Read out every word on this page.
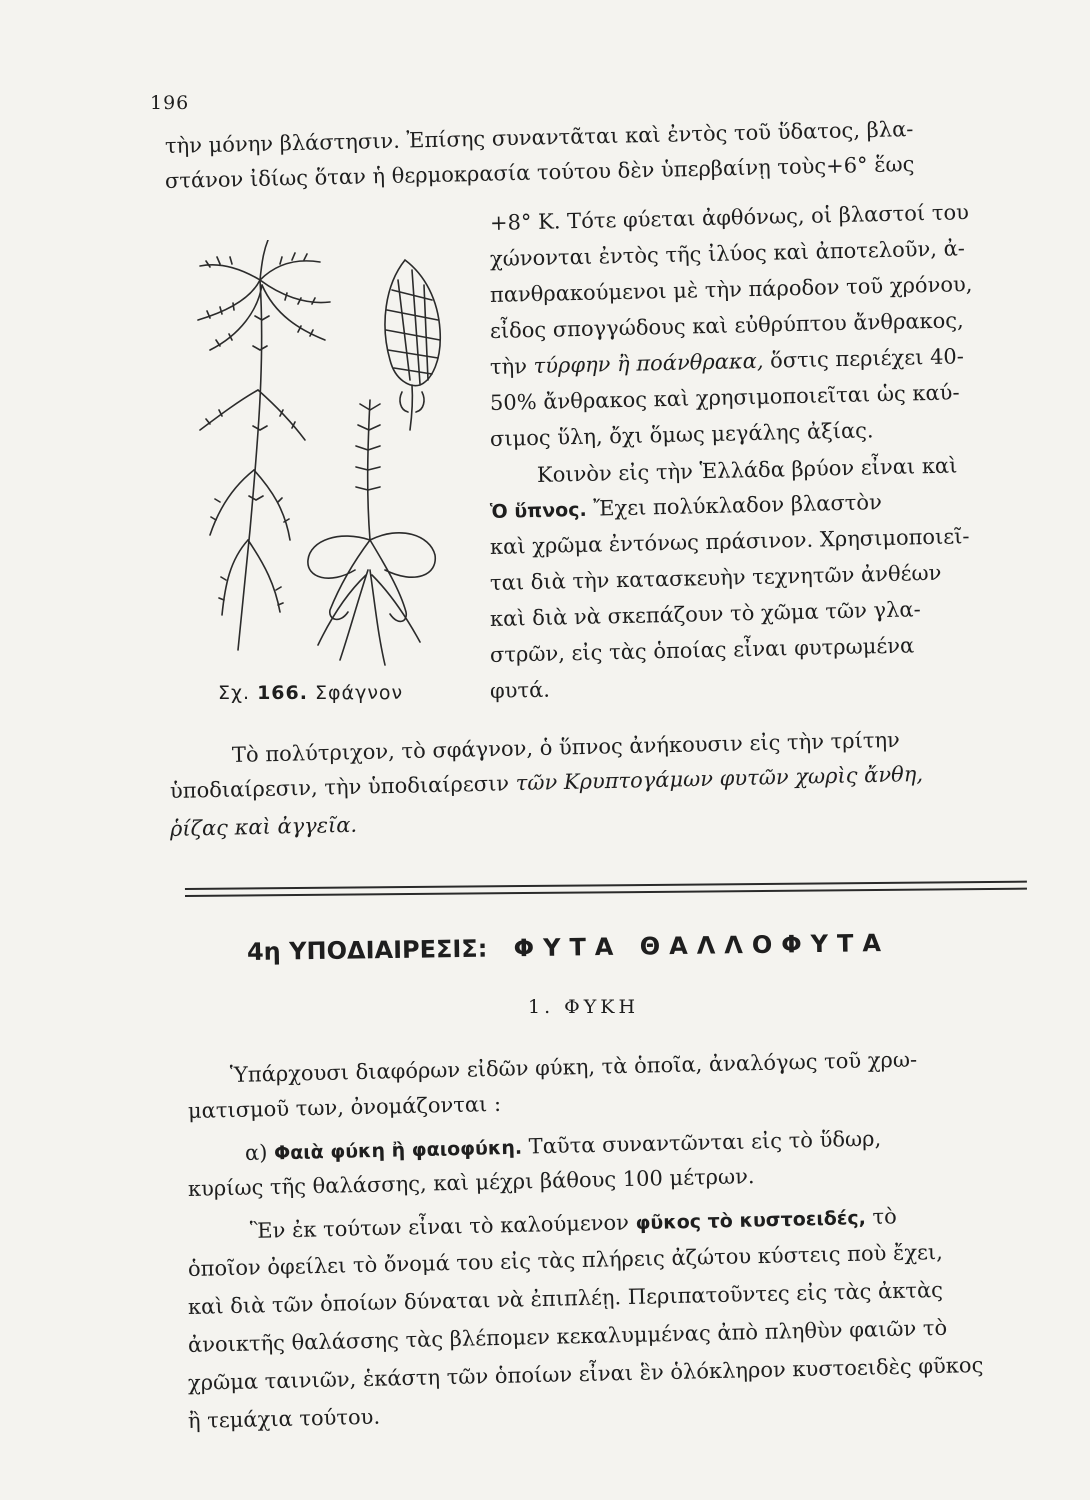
196
τὴν μόνην βλάστησιν. Ἐπίσης συναντᾶται καὶ ἐντὸς τοῦ ὕδατος, βλα-
στάνον ἰδίως ὅταν ἡ θερμοκρασία τούτου δὲν ὑπερβαίνῃ τοὺς+6° ἕως
Σχ. 166. Σφάγνον
+8° Κ. Τότε φύεται ἀφθόνως, οἱ βλαστοί του
χώνονται ἐντὸς τῆς ἰλύος καὶ ἀποτελοῦν, ἀ-
πανθρακούμενοι μὲ τὴν πάροδον τοῦ χρόνου,
εἶδος σπογγώδους καὶ εὐθρύπτου ἄνθρακος,
τὴν τύρφην ἢ ποάνθρακα, ὅστις περιέχει 40-
50% ἄνθρακος καὶ χρησιμοποιεῖται ὡς καύ-
σιμος ὕλη, ὄχι ὅμως μεγάλης ἀξίας.
Κοινὸν εἰς τὴν Ἑλλάδα βρύον εἶναι καὶ
Ὁ ὕπνος. Ἔχει πολύκλαδον βλαστὸν
καὶ χρῶμα ἐντόνως πράσινον. Χρησιμοποιεῖ-
ται διὰ τὴν κατασκευὴν τεχνητῶν ἀνθέων
καὶ διὰ νὰ σκεπάζουν τὸ χῶμα τῶν γλα-
στρῶν, εἰς τὰς ὁποίας εἶναι φυτρωμένα
φυτά.
Τὸ πολύτριχον, τὸ σφάγνον, ὁ ὕπνος ἀνήκουσιν εἰς τὴν τρίτην
ὑποδιαίρεσιν, τὴν ὑποδιαίρεσιν τῶν Κρυπτογάμων φυτῶν χωρὶς ἄνθη,
ῥίζας καὶ ἀγγεῖα.
4η ΥΠΟΔΙΑΙΡΕΣΙΣ: ΦΥΤΑ ΘΑΛΛΟΦΥΤΑ
1. ΦΥΚΗ
Ὑπάρχουσι διαφόρων εἰδῶν φύκη, τὰ ὁποῖα, ἀναλόγως τοῦ χρω-
ματισμοῦ των, ὀνομάζονται :
α) Φαιὰ φύκη ἢ φαιοφύκη. Ταῦτα συναντῶνται εἰς τὸ ὕδωρ,
κυρίως τῆς θαλάσσης, καὶ μέχρι βάθους 100 μέτρων.
Ἓν ἐκ τούτων εἶναι τὸ καλούμενον φῦκος τὸ κυστοειδές, τὸ
ὁποῖον ὀφείλει τὸ ὄνομά του εἰς τὰς πλήρεις ἀζώτου κύστεις ποὺ ἔχει,
καὶ διὰ τῶν ὁποίων δύναται νὰ ἐπιπλέῃ. Περιπατοῦντες εἰς τὰς ἀκτὰς
ἀνοικτῆς θαλάσσης τὰς βλέπομεν κεκαλυμμένας ἀπὸ πληθὺν φαιῶν τὸ
χρῶμα ταινιῶν, ἑκάστη τῶν ὁποίων εἶναι ἓν ὁλόκληρον κυστοειδὲς φῦκος
ἢ τεμάχια τούτου.
